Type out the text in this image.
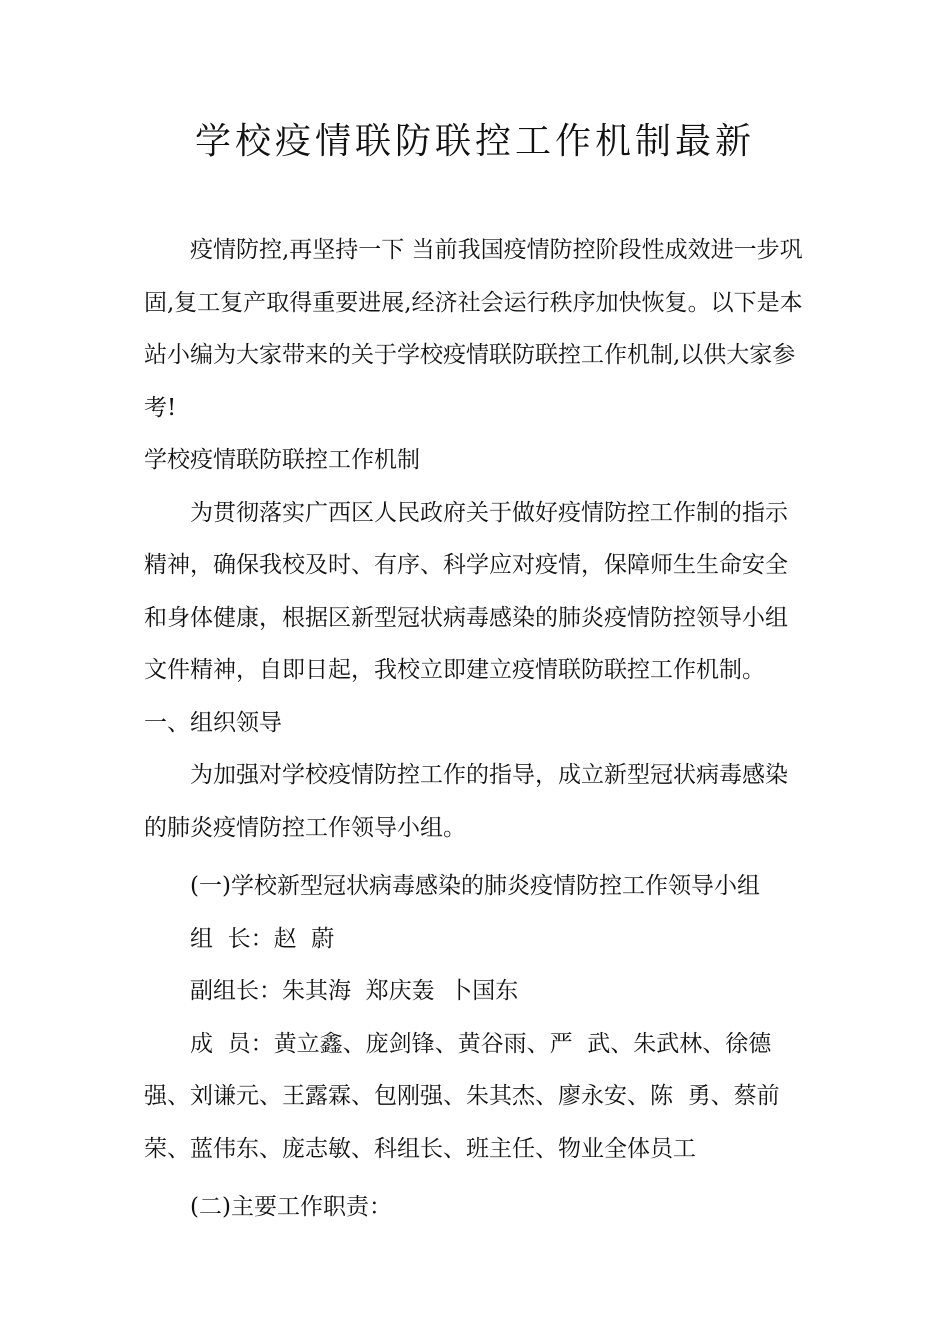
学校疫情联防联控工作机制最新

疫情防控,再坚持一下 当前我国疫情防控阶段性成效进一步巩固,复工复产取得重要进展,经济社会运行秩序加快恢复。以下是本站小编为大家带来的关于学校疫情联防联控工作机制,以供大家参考!

学校疫情联防联控工作机制

为贯彻落实广西区人民政府关于做好疫情防控工作制的指示精神，确保我校及时、有序、科学应对疫情，保障师生生命安全和身体健康，根据区新型冠状病毒感染的肺炎疫情防控领导小组文件精神，自即日起，我校立即建立疫情联防联控工作机制。

一、组织领导

为加强对学校疫情防控工作的指导，成立新型冠状病毒感染的肺炎疫情防控工作领导小组。

(一)学校新型冠状病毒感染的肺炎疫情防控工作领导小组

组  长：赵  蔚

副组长：朱其海  郑庆轰  卜国东

成  员：黄立鑫、庞剑锋、黄谷雨、严  武、朱武林、徐德强、刘谦元、王露霖、包刚强、朱其杰、廖永安、陈  勇、蔡前荣、蓝伟东、庞志敏、科组长、班主任、物业全体员工

(二)主要工作职责：
